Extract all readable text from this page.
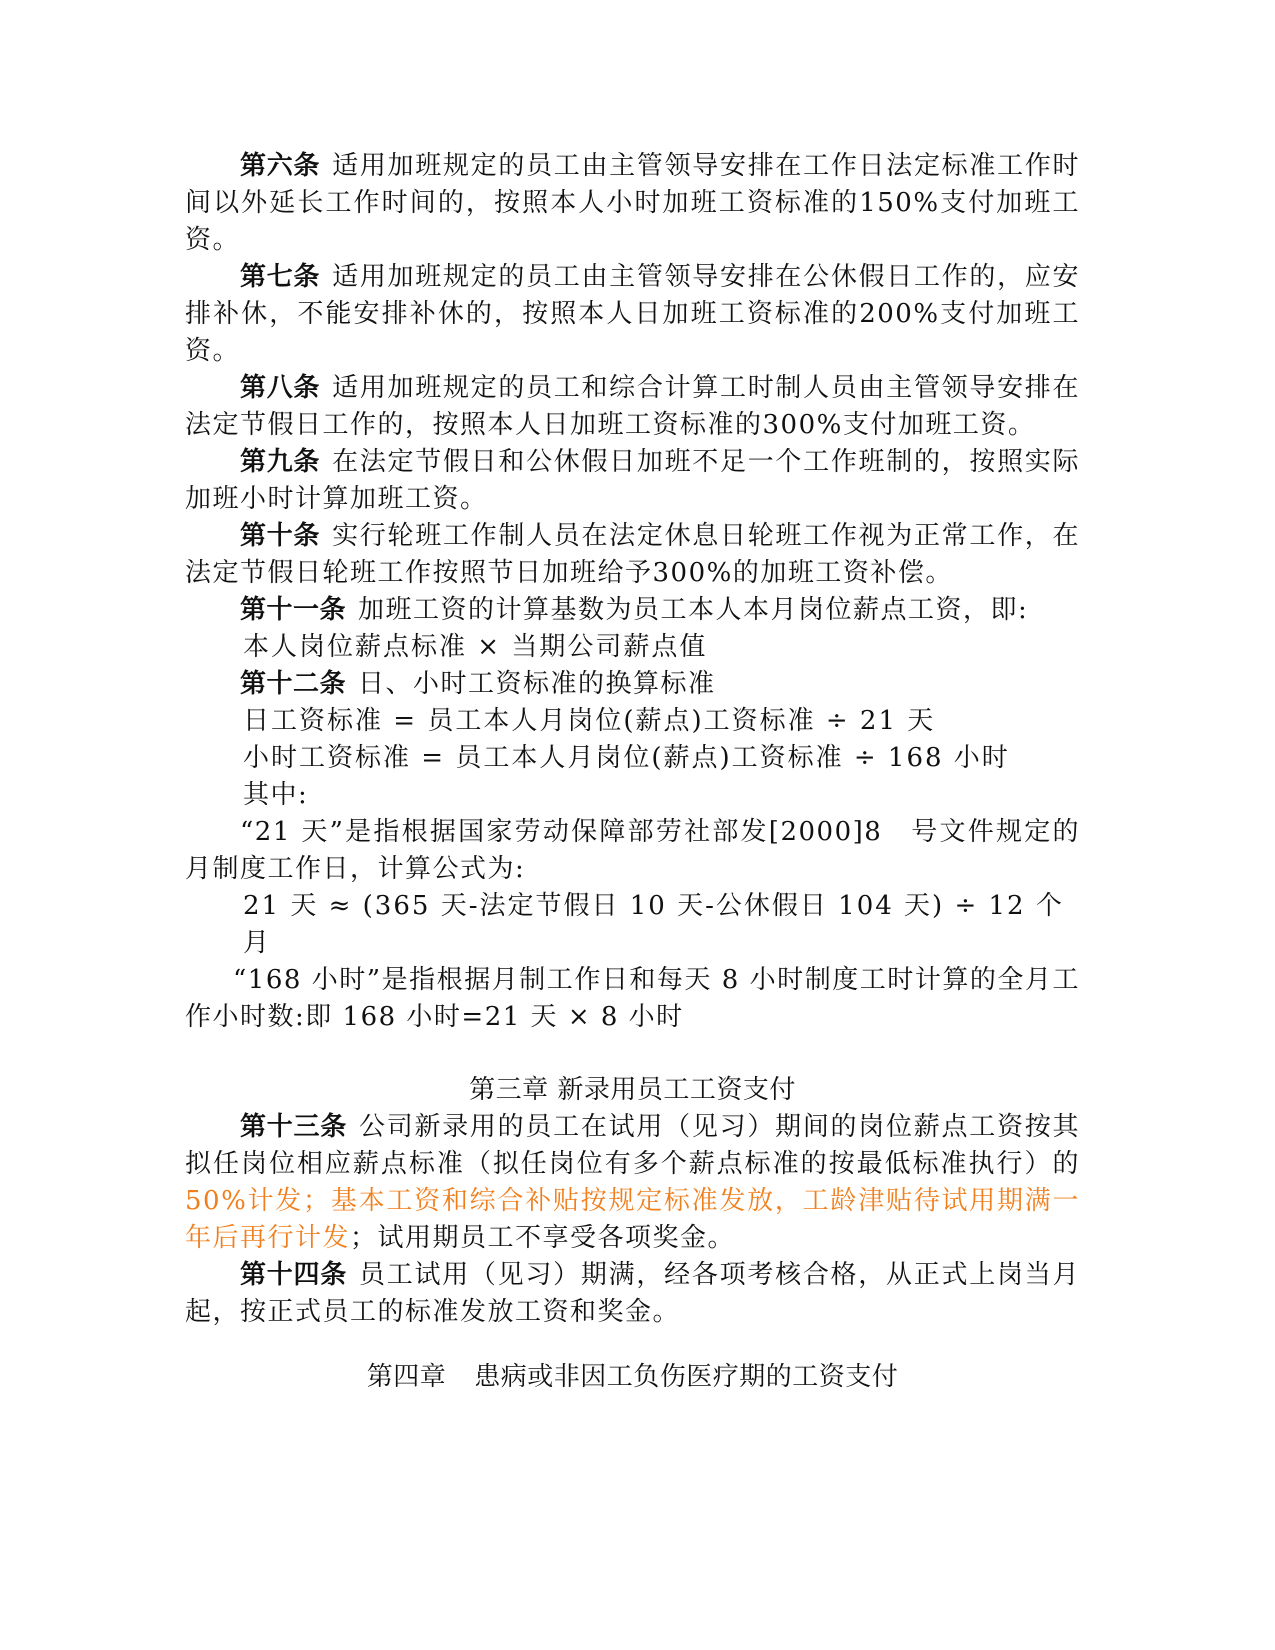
第六条 适用加班规定的员工由主管领导安排在工作日法定标准工作时间以外延长工作时间的，按照本人小时加班工资标准的150%支付加班工资。

第七条 适用加班规定的员工由主管领导安排在公休假日工作的，应安排补休，不能安排补休的，按照本人日加班工资标准的200%支付加班工资。

第八条 适用加班规定的员工和综合计算工时制人员由主管领导安排在法定节假日工作的，按照本人日加班工资标准的300%支付加班工资。

第九条 在法定节假日和公休假日加班不足一个工作班制的，按照实际加班小时计算加班工资。

第十条 实行轮班工作制人员在法定休息日轮班工作视为正常工作，在法定节假日轮班工作按照节日加班给予300%的加班工资补偿。

第十一条 加班工资的计算基数为员工本人本月岗位薪点工资，即:

本人岗位薪点标准 × 当期公司薪点值

第十二条 日、小时工资标准的换算标准

日工资标准 = 员工本人月岗位(薪点)工资标准 ÷ 21 天

小时工资标准 = 员工本人月岗位(薪点)工资标准 ÷ 168 小时

其中:

“21 天”是指根据国家劳动保障部劳社部发[2000]8　号文件规定的月制度工作日，计算公式为:

21 天 ≈ (365 天-法定节假日 10 天-公休假日 104 天) ÷ 12 个月

“168 小时”是指根据月制工作日和每天 8 小时制度工时计算的全月工作小时数:即 168 小时=21 天 × 8 小时

第三章 新录用员工工资支付

第十三条 公司新录用的员工在试用（见习）期间的岗位薪点工资按其拟任岗位相应薪点标准（拟任岗位有多个薪点标准的按最低标准执行）的 50%计发；基本工资和综合补贴按规定标准发放，工龄津贴待试用期满一年后再行计发；试用期员工不享受各项奖金。

第十四条 员工试用（见习）期满，经各项考核合格，从正式上岗当月起，按正式员工的标准发放工资和奖金。

第四章 患病或非因工负伤医疗期的工资支付
